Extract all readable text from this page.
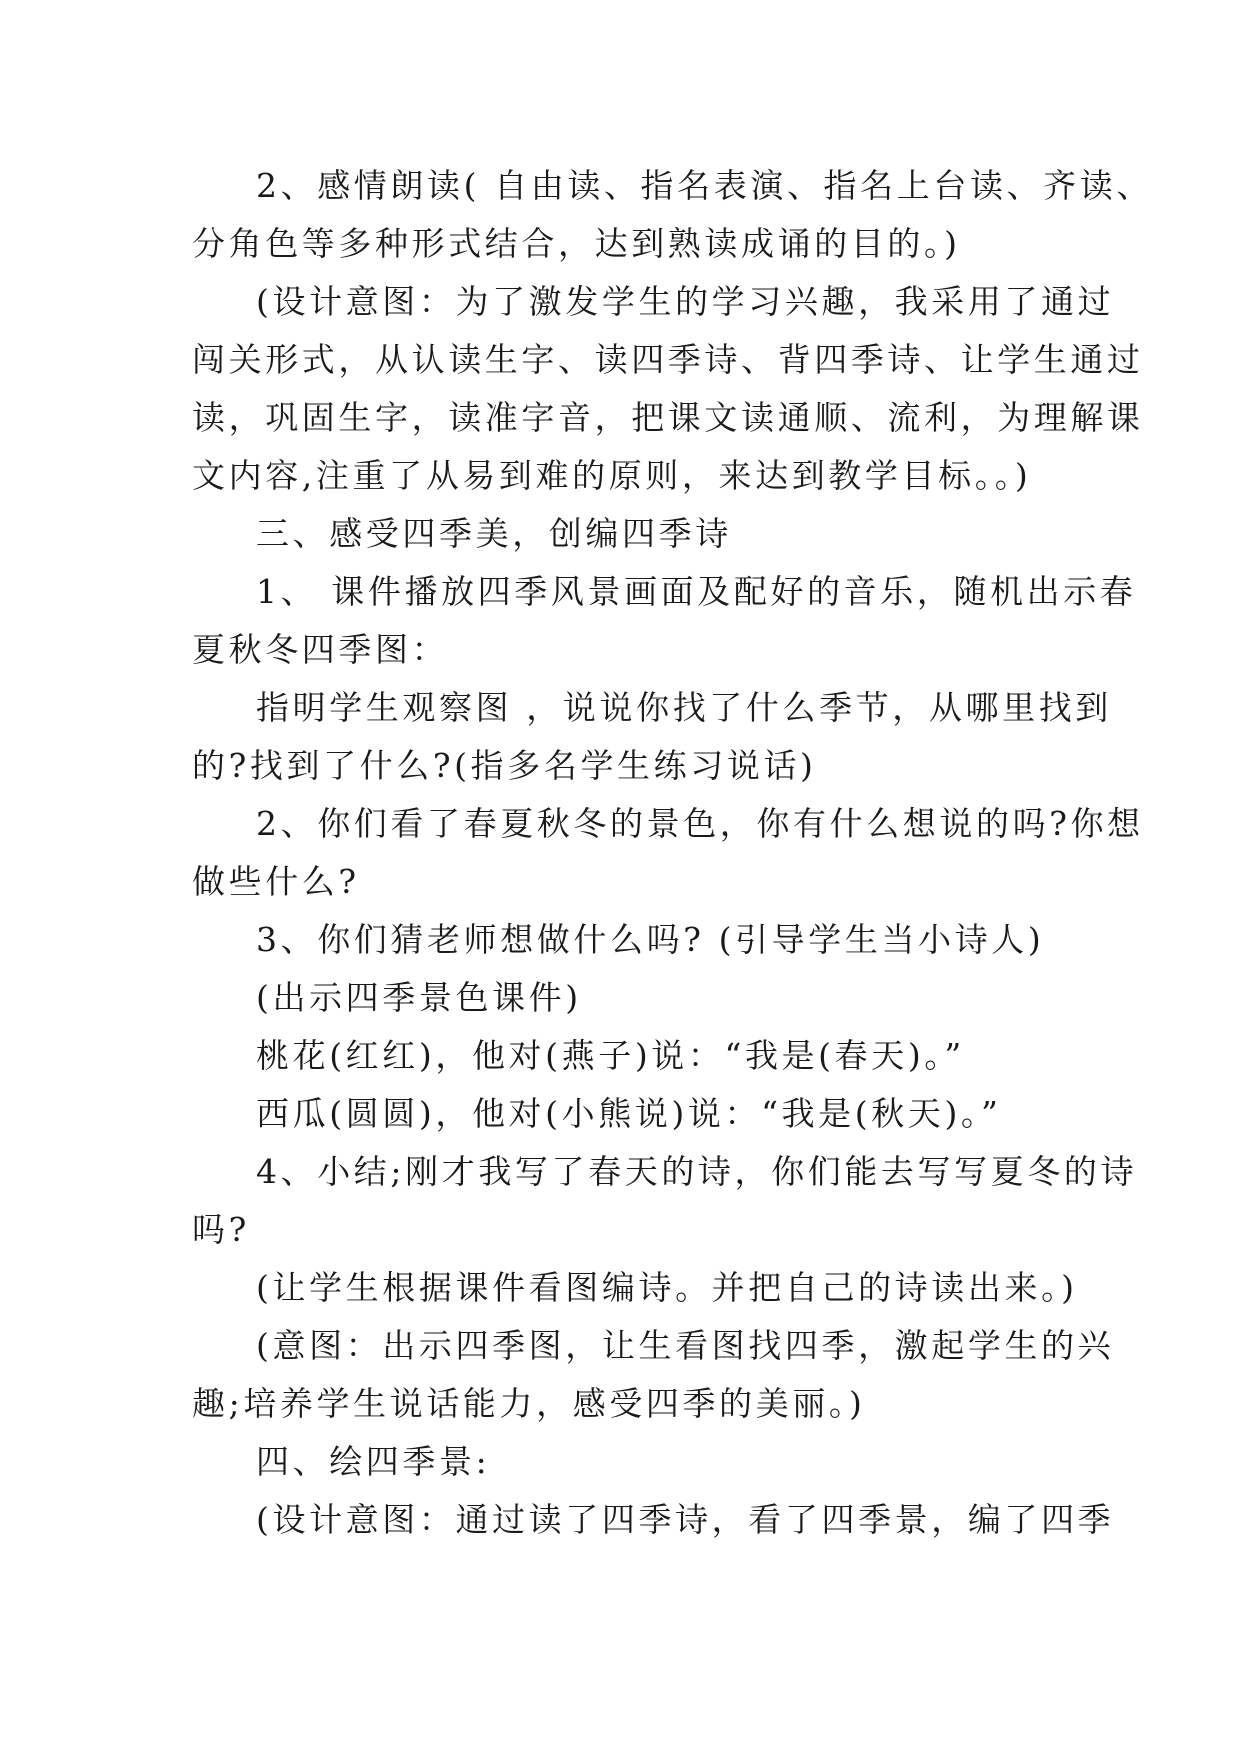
2、感情朗读( 自由读、指名表演、指名上台读、齐读、
分角色等多种形式结合，达到熟读成诵的目的。)
(设计意图：为了激发学生的学习兴趣，我采用了通过
闯关形式，从认读生字、读四季诗、背四季诗、让学生通过
读，巩固生字，读准字音，把课文读通顺、流利，为理解课
文内容,注重了从易到难的原则，来达到教学目标。。)
三、感受四季美，创编四季诗
1、 课件播放四季风景画面及配好的音乐，随机出示春
夏秋冬四季图：
指明学生观察图 ，说说你找了什么季节，从哪里找到
的?找到了什么?(指多名学生练习说话)
2、你们看了春夏秋冬的景色，你有什么想说的吗?你想
做些什么?
3、你们猜老师想做什么吗? (引导学生当小诗人)
(出示四季景色课件)
桃花(红红)，他对(燕子)说：“我是(春天)。”
西瓜(圆圆)，他对(小熊说)说：“我是(秋天)。”
4、小结;刚才我写了春天的诗，你们能去写写夏冬的诗
吗?
(让学生根据课件看图编诗。并把自己的诗读出来。)
(意图：出示四季图，让生看图找四季，激起学生的兴
趣;培养学生说话能力，感受四季的美丽。)
四、绘四季景:
(设计意图：通过读了四季诗，看了四季景，编了四季
